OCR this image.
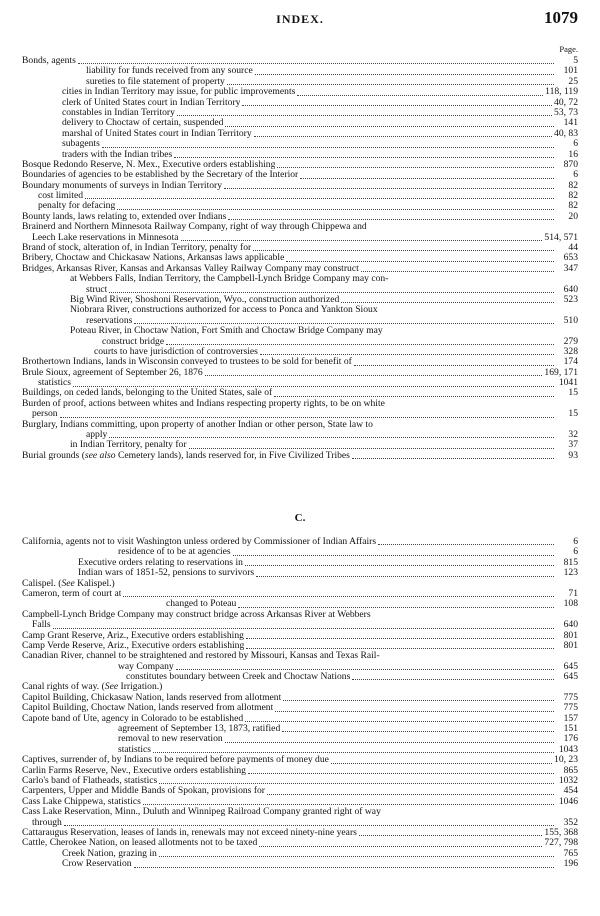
INDEX.	1079
Page.
Bonds, agents	5
liability for funds received from any source	101
sureties to file statement of property	25
cities in Indian Territory may issue, for public improvements	118, 119
clerk of United States court in Indian Territory	40, 72
constables in Indian Territory	53, 73
delivery to Choctaw of certain, suspended	141
marshal of United States court in Indian Territory	40, 83
subagents	6
traders with the Indian tribes	16
Bosque Redondo Reserve, N. Mex., Executive orders establishing	870
Boundaries of agencies to be established by the Secretary of the Interior	6
Boundary monuments of surveys in Indian Territory	82
cost limited	82
penalty for defacing	82
Bounty lands, laws relating to, extended over Indians	20
Brainerd and Northern Minnesota Railway Company, right of way through Chippewa and
Leech Lake reservations in Minnesota	514, 571
Brand of stock, alteration of, in Indian Territory, penalty for	44
Bribery, Choctaw and Chickasaw Nations, Arkansas laws applicable	653
Bridges, Arkansas River, Kansas and Arkansas Valley Railway Company may construct	347
at Webbers Falls, Indian Territory, the Campbell-Lynch Bridge Company may con-
struct	640
Big Wind River, Shoshoni Reservation, Wyo., construction authorized	523
Niobrara River, constructions authorized for access to Ponca and Yankton Sioux
reservations	510
Poteau River, in Choctaw Nation, Fort Smith and Choctaw Bridge Company may
construct bridge	279
courts to have jurisdiction of controversies	328
Brothertown Indians, lands in Wisconsin conveyed to trustees to be sold for benefit of	174
Brule Sioux, agreement of September 26, 1876	169, 171
statistics	1041
Buildings, on ceded lands, belonging to the United States, sale of	15
Burden of proof, actions between whites and Indians respecting property rights, to be on white
person	15
Burglary, Indians committing, upon property of another Indian or other person, State law to
apply	32
in Indian Territory, penalty for	37
Burial grounds (see also Cemetery lands), lands reserved for, in Five Civilized Tribes	93
C.
California, agents not to visit Washington unless ordered by Commissioner of Indian Affairs	6
residence of to be at agencies	6
Executive orders relating to reservations in	815
Indian wars of 1851-52, pensions to survivors	123
Calispel. (See Kalispel.)
Cameron, term of court at	71
changed to Poteau	108
Campbell-Lynch Bridge Company may construct bridge across Arkansas River at Webbers
Falls	640
Camp Grant Reserve, Ariz., Executive orders establishing	801
Camp Verde Reserve, Ariz., Executive orders establishing	801
Canadian River, channel to be straightened and restored by Missouri, Kansas and Texas Rail-
way Company	645
constitutes boundary between Creek and Choctaw Nations	645
Canal rights of way. (See Irrigation.)
Capitol Building, Chickasaw Nation, lands reserved from allotment	775
Capitol Building, Choctaw Nation, lands reserved from allotment	775
Capote band of Ute, agency in Colorado to be established	157
agreement of September 13, 1873, ratified	151
removal to new reservation	176
statistics	1043
Captives, surrender of, by Indians to be required before payments of money due	10, 23
Carlin Farms Reserve, Nev., Executive orders establishing	865
Carlo's band of Flatheads, statistics	1032
Carpenters, Upper and Middle Bands of Spokan, provisions for	454
Cass Lake Chippewa, statistics	1046
Cass Lake Reservation, Minn., Duluth and Winnipeg Railroad Company granted right of way
through	352
Cattaraugus Reservation, leases of lands in, renewals may not exceed ninety-nine years	155, 368
Cattle, Cherokee Nation, on leased allotments not to be taxed	727, 798
Creek Nation, grazing in	765
Crow Reservation	196
